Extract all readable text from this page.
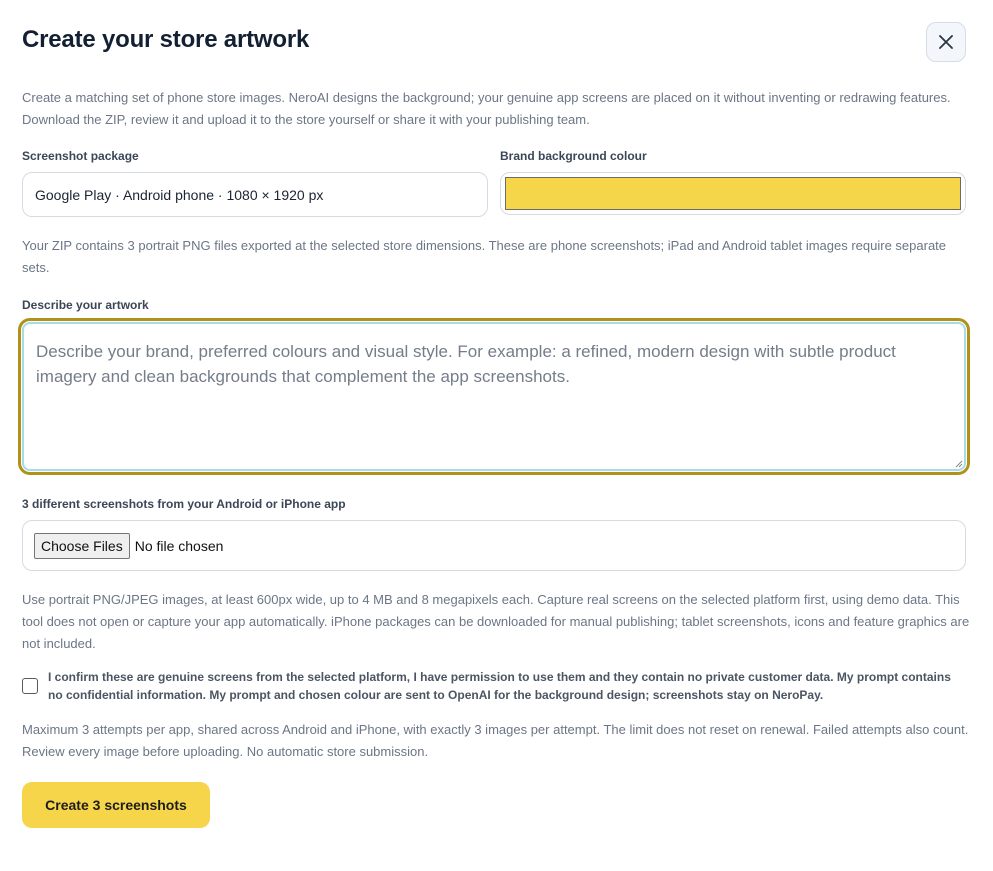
Create your store artwork

Create a matching set of phone store images. NeroAI designs the background; your genuine app screens are placed on it without inventing or redrawing features. Download the ZIP, review it and upload it to the store yourself or share it with your publishing team.

Screenshot package
Google Play · Android phone · 1080 × 1920 px
Brand background colour

Your ZIP contains 3 portrait PNG files exported at the selected store dimensions. These are phone screenshots; iPad and Android tablet images require separate sets.

Describe your artwork
Describe your brand, preferred colours and visual style. For example: a refined, modern design with subtle product imagery and clean backgrounds that complement the app screenshots.
3 different screenshots from your Android or iPhone app
Choose Files No file chosen

Use portrait PNG/JPEG images, at least 600px wide, up to 4 MB and 8 megapixels each. Capture real screens on the selected platform first, using demo data. This tool does not open or capture your app automatically. iPhone packages can be downloaded for manual publishing; tablet screenshots, icons and feature graphics are not included.

I confirm these are genuine screens from the selected platform, I have permission to use them and they contain no private customer data. My prompt contains no confidential information. My prompt and chosen colour are sent to OpenAI for the background design; screenshots stay on NeroPay.

Maximum 3 attempts per app, shared across Android and iPhone, with exactly 3 images per attempt. The limit does not reset on renewal. Failed attempts also count. Review every image before uploading. No automatic store submission.

Create 3 screenshots
